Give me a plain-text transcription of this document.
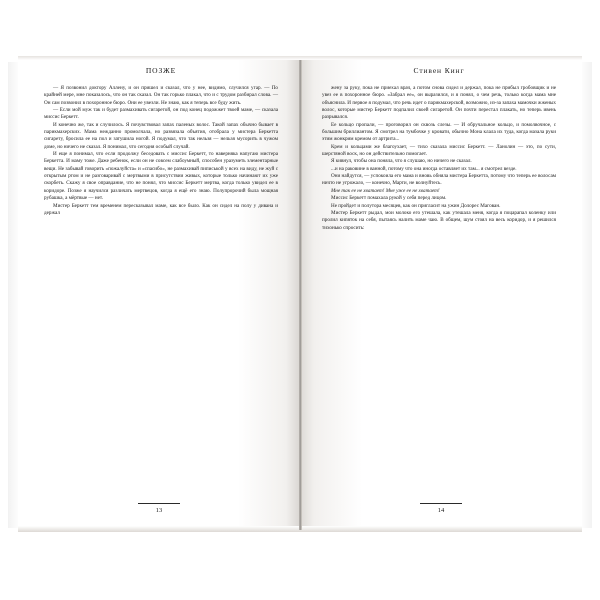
ПОЗЖЕ

— Я позвонил доктору Аллену, и он пришел и сказал, что у нее, видимо, случился угар. — По крайней мере, мне показалось, что он так сказал. Он так горько плакал, что и с трудом разбирал слова. — Он сам позвонил в похоронное бюро. Они ее увезли. Не знаю, как я теперь все буду жить.

— Если мой муж так и будет размахивать сигаретой, он под конец подожжет твоей маме, — сказала миссис Беркетт.

И конечно же, так и случилось. Я почувствовал запах паленых волос. Такой запах обычно бывает в парикмахерских. Мама нежданно промолчала, но развязала объятия, отобрала у мистера Беркетта сигарету, бросила ее на пол и затушила ногой. Я подумал, что так нельзя — нельзя мусорить в чужом доме, но ничего не сказал. Я понимал, что сегодня особый случай.

И еще я понимал, что если продолжу беседовать с миссис Беркетт, то наверняка напугаю мистера Беркетта. И маму тоже. Даже ребенок, если он не совсем слабоумный, способен уразуметь элементарные вещи. Не забывай говорить «пожалуйста» и «спасибо», не размахивай пиписькой у всех на виду, не жуй с открытым ртом и не разговаривай с мертвыми в присутствии живых, которые только начинают их уже скорбеть. Скажу я свое оправдание, что не понял, что миссис Беркетт мертва, когда только увидел ее в коридоре. Позже я научился различать мертвецов, когда я ещё его знаю. Полупророчий была мощная рубашка, а мёртвые — нет.

Мистер Беркетт тем временем пересказывал маме, как все было. Как он сидел на полу у дивана и держал

13
Стивен Кинг

жену за руку, пока не приехал врач, а потом снова сидел и держал, пока не прибыл гробовщик и не увез ее в похоронное бюро. «Забрал ее», он выразился, и я понял, о чем речь, только когда мама мне объяснила. И первое я подумал, что речь идет о парикмахерской, возможно, из-за запаха мамочки жженых волос, которые мистер Беркетт подпалил своей сигаретой. Он почти перестал плакать, но теперь ивень разрывался.

Ее кольцо пропали, — проговорил он сквозь слезы. — И обручальное кольцо, и помолвочное, с большим бриллиантом. Я смотрел на тумбочке у кровати, обычно Мона клала их туда, когда мазала руки этим жонкрим кремом от артрита...

Крем и кольцами же благоухает, — тихо сказала миссис Беркетт. — Ланолин — это, по сути, шерстяной воск, но он действительно помогает.

Я кивнул, чтобы она поняла, что я слушаю, но ничего не сказал.

...и на раковине в ванной, потому что она иногда оставляет их там... я смотрел везде.

Они найдутся, — успокоила его мама и вновь обняла мистера Беркетта, потому что теперь ее волосам ничто не угрожало, — конечно, Марти, не волнуйтесь.

Мне так ее не хватает! Мне уже ее не хватает!

Миссис Беркетт помахала рукой у себя перед лицом.

Не пройдет и полутора месяцев, как он пригласит на ужин Долорес Магован.

Мистер Беркетт рыдал, мои молоко его утешала, как утешала меня, когда я поцарапал коленку или пролил кипяток на себя, пытаясь налить маме чаю. В общем, шум стоял на весь коридор, и я решился тихонько спросить:

14
